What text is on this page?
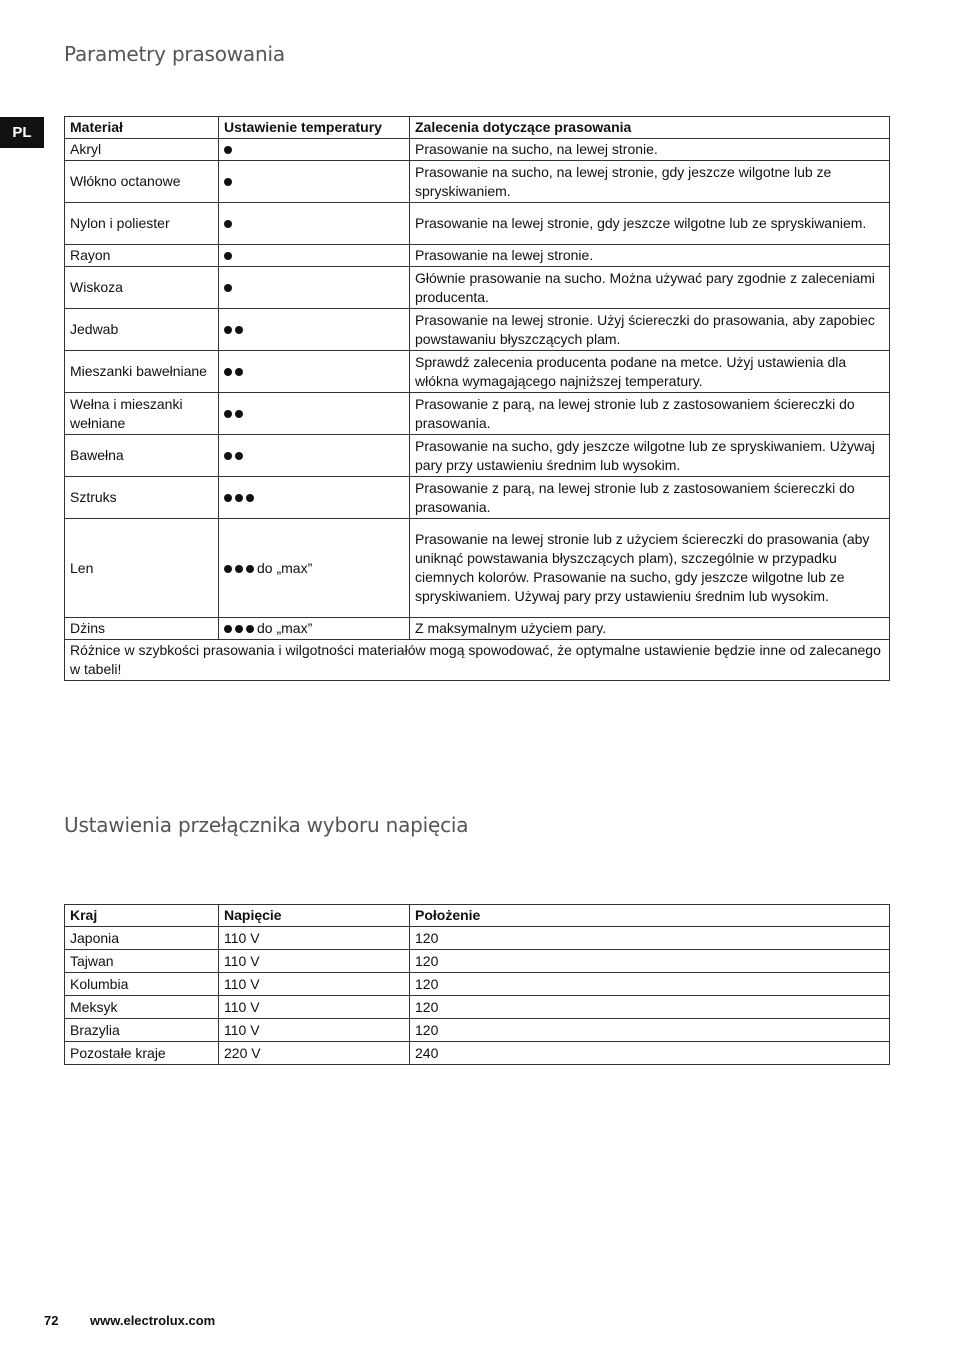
PL
Parametry prasowania
Materiał	Ustawienie temperatury	Zalecenia dotyczące prasowania
Akryl		Prasowanie na sucho, na lewej stronie.
Włókno octanowe		Prasowanie na sucho, na lewej stronie, gdy jeszcze wilgotne lub ze spryskiwaniem.
Nylon i poliester		Prasowanie na lewej stronie, gdy jeszcze wilgotne lub ze spryskiwaniem.
Rayon		Prasowanie na lewej stronie.
Wiskoza		Głównie prasowanie na sucho. Można używać pary zgodnie z zaleceniami producenta.
Jedwab		Prasowanie na lewej stronie. Użyj ściereczki do prasowania, aby zapobiec powstawaniu błyszczących plam.
Mieszanki bawełniane		Sprawdź zalecenia producenta podane na metce. Użyj ustawienia dla włókna wymagającego najniższej temperatury.
Wełna i mieszanki wełniane		Prasowanie z parą, na lewej stronie lub z zastosowaniem ściereczki do prasowania.
Bawełna		Prasowanie na sucho, gdy jeszcze wilgotne lub ze spryskiwaniem. Używaj pary przy ustawieniu średnim lub wysokim.
Sztruks		Prasowanie z parą, na lewej stronie lub z zastosowaniem ściereczki do prasowania.
Len	do „max”	Prasowanie na lewej stronie lub z użyciem ściereczki do prasowania (aby uniknąć powstawania błyszczących plam), szczególnie w przypadku ciemnych kolorów. Prasowanie na sucho, gdy jeszcze wilgotne lub ze spryskiwaniem. Używaj pary przy ustawieniu średnim lub wysokim.
Dżins	do „max”	Z maksymalnym użyciem pary.
Różnice w szybkości prasowania i wilgotności materiałów mogą spowodować, że optymalne ustawienie będzie inne od zalecanego w tabeli!		
Ustawienia przełącznika wyboru napięcia
Kraj	Napięcie	Położenie
Japonia	110 V	120
Tajwan	110 V	120
Kolumbia	110 V	120
Meksyk	110 V	120
Brazylia	110 V	120
Pozostałe kraje	220 V	240
72 www.electrolux.com
